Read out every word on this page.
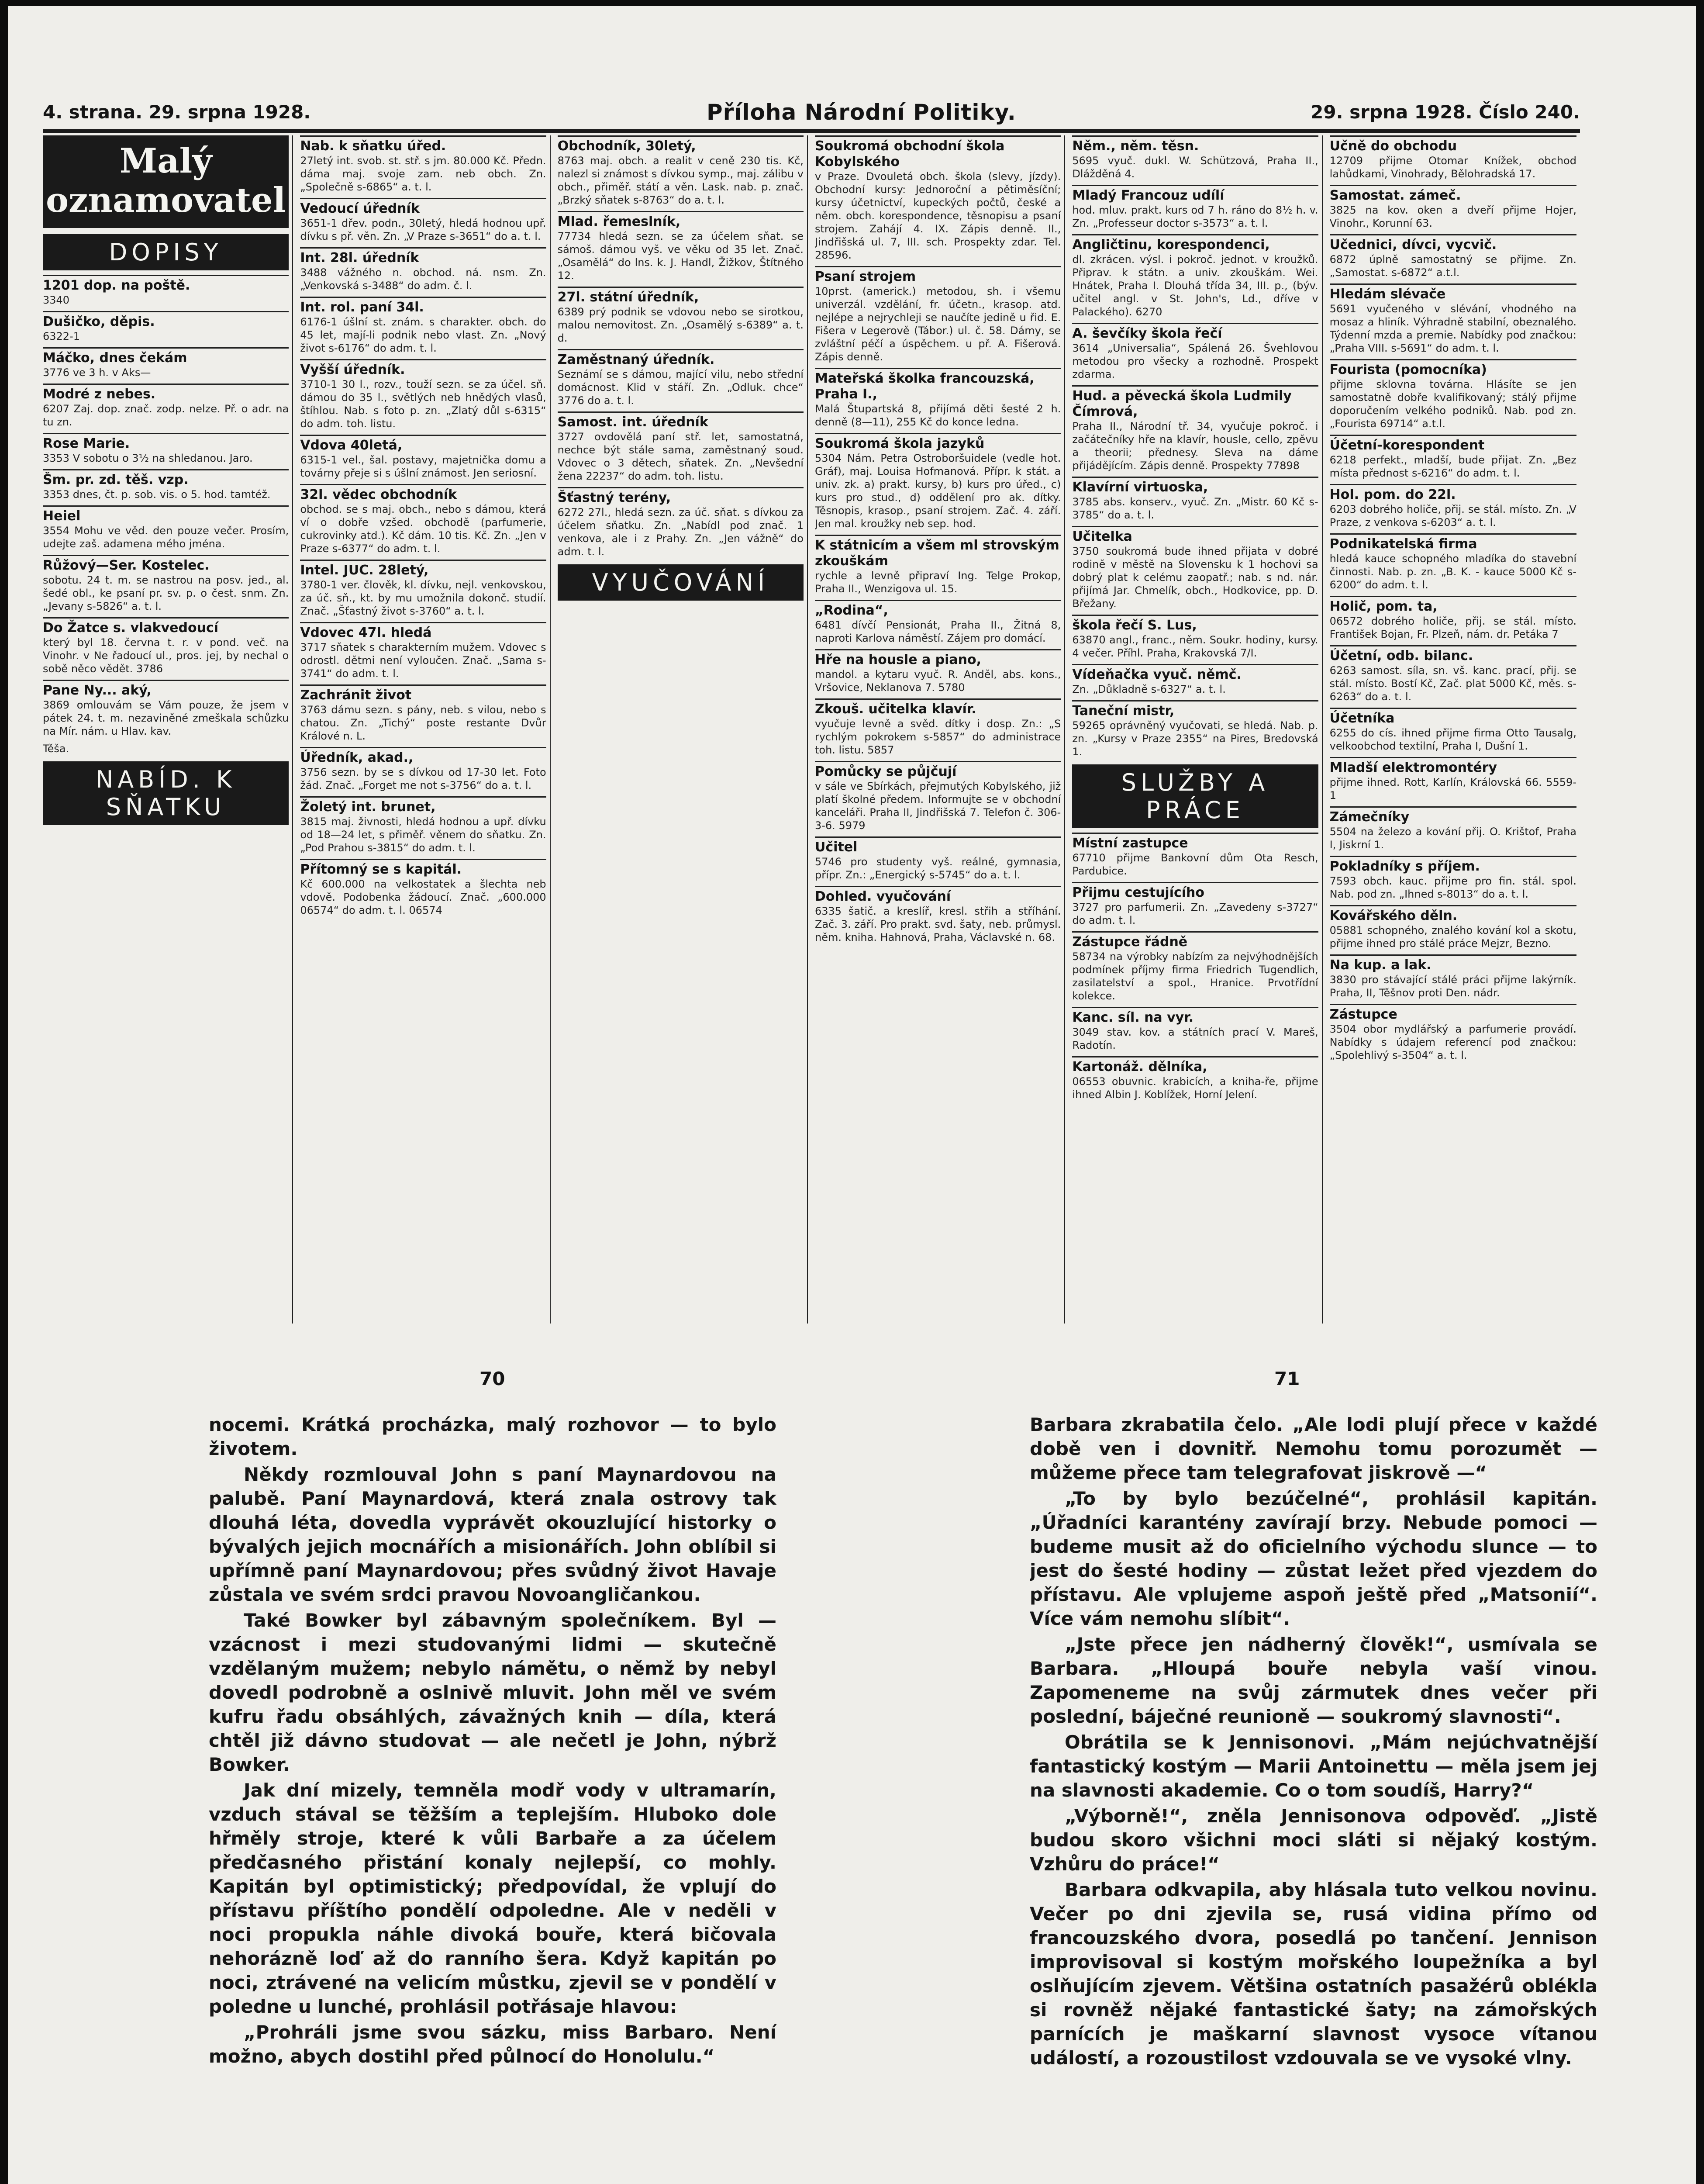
4. strana. 29. srpna 1928.	Příloha Národní Politiky.	29. srpna 1928. Číslo 240.
Malý oznamovatel
DOPISY
1201 dop. na poště.
3340
Dušičko, děpis.
6322-1
Máčko, dnes čekám
3776 ve 3 h. v Aks—
Modré z nebes.
6207 Zaj. dop. znač. zodp. nelze. Př. o adr. na tu zn.
Rose Marie.
3353 V sobotu o 3½ na shledanou. Jaro.
Šm. pr. zd. těš. vzp.
3353 dnes, čt. p. sob. vis. o 5. hod. tamtéž.
Heiel
3554 Mohu ve věd. den pouze večer. Prosím, udejte zaš. adamena mého jména.
Růžový—Ser. Kostelec.
sobotu. 24 t. m. se nastrou na posv. jed., al. šedé obl., ke psaní pr. sv. p. o čest. snm. Zn. „Jevany s-5826“ a. t. l.
Do Žatce s. vlakvedoucí
který byl 18. června t. r. v pond. več. na Vinohr. v Ne řadoucí ul., pros. jej, by nechal o sobě něco vědět. 3786
Pane Ny... aký,
3869 omlouvám se Vám pouze, že jsem v pátek 24. t. m. nezaviněné zmeškala schůzku na Mír. nám. u Hlav. kav.
Těša.
NABÍD. K SŇATKU
Nab. k sňatku úřed.
27letý int. svob. st. stř. s jm. 80.000 Kč. Předn. dáma maj. svoje zam. neb obch. Zn. „Společně s-6865“ a. t. l.
Vedoucí úředník
3651-1 dřev. podn., 30letý, hledá hodnou upř. dívku s př. věn. Zn. „V Praze s-3651“ do a. t. l.
Int. 28l. úředník
3488 vážného n. obchod. ná. nsm. Zn. „Venkovská s-3488“ do adm. č. l.
Int. rol. paní 34l.
6176-1 úšlní st. znám. s charakter. obch. do 45 let, mají-li podnik nebo vlast. Zn. „Nový život s-6176“ do adm. t. l.
Vyšší úředník.
3710-1 30 l., rozv., touží sezn. se za účel. sň. dámou do 35 l., světlých neb hnědých vlasů, štíhlou. Nab. s foto p. zn. „Zlatý důl s-6315“ do adm. toh. listu.
Vdova 40letá,
6315-1 vel., šal. postavy, majetnička domu a továrny přeje si s úšlní známost. Jen seriosní.
32l. vědec obchodník
obchod. se s maj. obch., nebo s dámou, která ví o dobře vzšed. obchodě (parfumerie, cukrovinky atd.). Kč dám. 10 tis. Kč. Zn. „Jen v Praze s-6377“ do adm. t. l.
Intel. JUC. 28letý,
3780-1 ver. člověk, kl. dívku, nejl. venkovskou, za úč. sň., kt. by mu umožnila dokonč. studií. Znač. „Šťastný život s-3760“ a. t. l.
Vdovec 47l. hledá
3717 sňatek s charakterním mužem. Vdovec s odrostl. dětmi není vyloučen. Znač. „Sama s-3741“ do adm. t. l.
Zachránit život
3763 dámu sezn. s pány, neb. s vilou, nebo s chatou. Zn. „Tichý“ poste restante Dvůr Králové n. L.
Úředník, akad.,
3756 sezn. by se s dívkou od 17-30 let. Foto žád. Znač. „Forget me not s-3756“ do a. t. l.
Žoletý int. brunet,
3815 maj. živnosti, hledá hodnou a upř. dívku od 18—24 let, s přiměř. věnem do sňatku. Zn. „Pod Prahou s-3815“ do adm. t. l.
Přítomný se s kapitál.
Kč 600.000 na velkostatek a šlechta neb vdově. Podobenka žádoucí. Znač. „600.000 06574“ do adm. t. l. 06574
Obchodník, 30letý,
8763 maj. obch. a realit v ceně 230 tis. Kč, nalezl si známost s dívkou symp., maj. zálibu v obch., přiměř. státí a věn. Lask. nab. p. znač. „Brzký sňatek s-8763“ do a. t. l.
Mlad. řemeslník,
77734 hledá sezn. se za účelem sňat. se sámoš. dámou vyš. ve věku od 35 let. Znač. „Osamělá“ do lns. k. J. Handl, Žižkov, Štítného 12.
27l. státní úředník,
6389 prý podnik se vdovou nebo se sirotkou, malou nemovitost. Zn. „Osamělý s-6389“ a. t. d.
Zaměstnaný úředník.
Seznámí se s dámou, mající vilu, nebo střední domácnost. Klid v stáří. Zn. „Odluk. chce“ 3776 do a. t. l.
Samost. int. úředník
3727 ovdovělá paní stř. let, samostatná, nechce být stále sama, zaměstnaný soud. Vdovec o 3 dětech, sňatek. Zn. „Nevšední žena 22237“ do adm. toh. listu.
Šťastný terény,
6272 27l., hledá sezn. za úč. sňat. s dívkou za účelem sňatku. Zn. „Nabídl pod znač. 1 venkova, ale i z Prahy. Zn. „Jen vážně“ do adm. t. l.
VYUČOVÁNÍ
Soukromá obchodní škola Kobylského
v Praze. Dvouletá obch. škola (slevy, jízdy). Obchodní kursy: Jednoroční a pětiměsíční; kursy účetnictví, kupeckých počtů, české a něm. obch. korespondence, těsnopisu a psaní strojem. Zahájí 4. IX. Zápis denně. II., Jindřišská ul. 7, III. sch. Prospekty zdar. Tel. 28596.
Psaní strojem
10prst. (americk.) metodou, sh. i všemu univerzál. vzdělání, fr. účetn., krasop. atd. nejlépe a nejrychleji se naučíte jedině u řid. E. Fišera v Legerově (Tábor.) ul. č. 58. Dámy, se zvláštní péčí a úspěchem. u př. A. Fišerová. Zápis denně.
Mateřská školka francouzská, Praha I.,
Malá Štupartská 8, přijímá děti šesté 2 h. denně (8—11), 255 Kč do konce ledna.
Soukromá škola jazyků
5304 Nám. Petra Ostroboršuidele (vedle hot. Gráf), maj. Louisa Hofmanová. Přípr. k stát. a univ. zk. a) prakt. kursy, b) kurs pro úřed., c) kurs pro stud., d) oddělení pro ak. dítky. Těsnopis, krasop., psaní strojem. Zač. 4. září. Jen mal. kroužky neb sep. hod.
K státnicím a všem ml strovským zkouškám
rychle a levně připraví Ing. Telge Prokop, Praha II., Wenzigova ul. 15.
„Rodina“,
6481 dívčí Pensionát, Praha II., Žitná 8, naproti Karlova náměstí. Zájem pro domácí.
Hře na housle a piano,
mandol. a kytaru vyuč. R. Anděl, abs. kons., Vršovice, Neklanova 7. 5780
Zkouš. učitelka klavír.
vyučuje levně a svěd. dítky i dosp. Zn.: „S rychlým pokrokem s-5857“ do administrace toh. listu. 5857
Pomůcky se půjčují
v sále ve Sbírkách, přejmutých Kobylského, již platí školné předem. Informujte se v obchodní kanceláři. Praha II, Jindřišská 7. Telefon č. 306-3-6. 5979
Učitel
5746 pro studenty vyš. reálné, gymnasia, přípr. Zn.: „Energický s-5745“ do a. t. l.
Dohled. vyučování
6335 šatič. a kreslíř, kresl. střih a stříhání. Zač. 3. září. Pro prakt. svd. šaty, neb. průmysl. něm. kniha. Hahnová, Praha, Václavské n. 68.
Něm., něm. těsn.
5695 vyuč. dukl. W. Schützová, Praha II., Dlážděná 4.
Mladý Francouz udílí
hod. mluv. prakt. kurs od 7 h. ráno do 8½ h. v. Zn. „Professeur doctor s-3573“ a. t. l.
Angličtinu, korespondenci,
dl. zkrácen. výsl. i pokroč. jednot. v kroužků. Připrav. k státn. a univ. zkouškám. Wei. Hnátek, Praha I. Dlouhá třída 34, III. p., (býv. učitel angl. v St. John's, Ld., dříve v Palackého). 6270
A. ševčíky škola řečí
3614 „Universalia“, Spálená 26. Švehlovou metodou pro všecky a rozhodně. Prospekt zdarma.
Hud. a pěvecká škola Ludmily Čímrová,
Praha II., Národní tř. 34, vyučuje pokroč. i začátečníky hře na klavír, housle, cello, zpěvu a theorii; přednesy. Sleva na dáme přijádějícím. Zápis denně. Prospekty 77898
Klavírní virtuoska,
3785 abs. konserv., vyuč. Zn. „Mistr. 60 Kč s-3785“ do a. t. l.
Učitelka
3750 soukromá bude ihned přijata v dobré rodině v městě na Slovensku k 1 hochovi sa dobrý plat k celému zaopatř.; nab. s nd. nár. přijímá Jar. Chmelík, obch., Hodkovice, pp. D. Břežany.
škola řečí S. Lus,
63870 angl., franc., něm. Soukr. hodiny, kursy. 4 večer. Příhl. Praha, Krakovská 7/I.
Vídeňačka vyuč. němč.
Zn. „Důkladně s-6327“ a. t. l.
Taneční mistr,
59265 oprávněný vyučovati, se hledá. Nab. p. zn. „Kursy v Praze 2355“ na Pires, Bredovská 1.
SLUŽBY A PRÁCE
Místní zastupce
67710 přijme Bankovní dům Ota Resch, Pardubice.
Přijmu cestujícího
3727 pro parfumerii. Zn. „Zavedeny s-3727“ do adm. t. l.
Zástupce řádně
58734 na výrobky nabízím za nejvýhodnějších podmínek příjmy firma Friedrich Tugendlich, zasilatelství a spol., Hranice. Prvotřídní kolekce.
Kanc. síl. na vyr.
3049 stav. kov. a státních prací V. Mareš, Radotín.
Kartonáž. dělníka,
06553 obuvnic. krabicích, a kniha-ře, přijme ihned Albin J. Koblížek, Horní Jelení.
Učně do obchodu
12709 přijme Otomar Knížek, obchod lahůdkami, Vinohrady, Bělohradská 17.
Samostat. zámeč.
3825 na kov. oken a dveří přijme Hojer, Vinohr., Korunní 63.
Učednici, dívci, vycvič.
6872 úplně samostatný se přijme. Zn. „Samostat. s-6872“ a.t.l.
Hledám slévače
5691 vyučeného v slévání, vhodného na mosaz a hliník. Výhradně stabilní, obeznalého. Týdenní mzda a premie. Nabídky pod značkou: „Praha VIII. s-5691“ do adm. t. l.
Fourista (pomocníka)
přijme sklovna továrna. Hlásíte se jen samostatně dobře kvalifikovaný; stálý přijme doporučením velkého podniků. Nab. pod zn. „Fourista 69714“ a.t.l.
Účetní-korespondent
6218 perfekt., mladší, bude přijat. Zn. „Bez místa přednost s-6216“ do adm. t. l.
Hol. pom. do 22l.
6203 dobrého holiče, přij. se stál. místo. Zn. „V Praze, z venkova s-6203“ a. t. l.
Podnikatelská firma
hledá kauce schopného mladíka do stavební činnosti. Nab. p. zn. „B. K. - kauce 5000 Kč s-6200“ do adm. t. l.
Holič, pom. ta,
06572 dobrého holiče, přij. se stál. místo. František Bojan, Fr. Plzeň, nám. dr. Petáka 7
Účetní, odb. bilanc.
6263 samost. síla, sn. vš. kanc. prací, přij. se stál. místo. Bostí Kč, Zač. plat 5000 Kč, měs. s-6263“ do a. t. l.
Účetníka
6255 do cís. ihned přijme firma Otto Tausalg, velkoobchod textilní, Praha I, Dušní 1.
Mladší elektromontéry
přijme ihned. Rott, Karlín, Královská 66. 5559-1
Zámečníky
5504 na železo a kování přij. O. Krištof, Praha I, Jiskrní 1.
Pokladníky s příjem.
7593 obch. kauc. přijme pro fin. stál. spol. Nab. pod zn. „Ihned s-8013“ do a. t. l.
Kovářského děln.
05881 schopného, znalého kování kol a skotu, přijme ihned pro stálé práce Mejzr, Bezno.
Na kup. a lak.
3830 pro stávající stálé práci přijme lakýrník. Praha, II, Těšnov proti Den. nádr.
Zástupce
3504 obor mydlářský a parfumerie provádí. Nabídky s údajem referencí pod značkou: „Spolehlivý s-3504“ a. t. l.
70	71

nocemi. Krátká procházka, malý rozhovor — to bylo životem.

Někdy rozmlouval John s paní Maynardovou na palubě. Paní Maynardová, která znala ostrovy tak dlouhá léta, dovedla vyprávět okouzlující historky o bývalých jejich mocnářích a misionářích. John oblíbil si upřímně paní Maynardovou; přes svůdný život Havaje zůstala ve svém srdci pravou Novoangličankou.

Také Bowker byl zábavným společníkem. Byl — vzácnost i mezi studovanými lidmi — skutečně vzdělaným mužem; nebylo námětu, o němž by nebyl dovedl podrobně a oslnivě mluvit. John měl ve svém kufru řadu obsáhlých, závažných knih — díla, která chtěl již dávno studovat — ale nečetl je John, nýbrž Bowker.

Jak dní mizely, temněla modř vody v ultramarín, vzduch stával se těžším a teplejším. Hluboko dole hřměly stroje, které k vůli Barbaře a za účelem předčasného přistání konaly nejlepší, co mohly. Kapitán byl optimistický; předpovídal, že vplují do přístavu příštího pondělí odpoledne. Ale v neděli v noci propukla náhle divoká bouře, která bičovala nehorázně loď až do ranního šera. Když kapitán po noci, ztrávené na velicím můstku, zjevil se v pondělí v poledne u lunché, prohlásil potřásaje hlavou:

„Prohráli jsme svou sázku, miss Barbaro. Není možno, abych dostihl před půlnocí do Honolulu.“

Barbara zkrabatila čelo. „Ale lodi plují přece v každé době ven i dovnitř. Nemohu tomu porozumět — můžeme přece tam telegrafovat jiskrově —“

„To by bylo bezúčelné“, prohlásil kapitán. „Úřadníci karantény zavírají brzy. Nebude pomoci — budeme musit až do oficielního východu slunce — to jest do šesté hodiny — zůstat ležet před vjezdem do přístavu. Ale vplujeme aspoň ještě před „Matsonií“. Více vám nemohu slíbit“.

„Jste přece jen nádherný člověk!“, usmívala se Barbara. „Hloupá bouře nebyla vaší vinou. Zapomeneme na svůj zármutek dnes večer při poslední, báječné reunioně — soukromý slavnosti“.

Obrátila se k Jennisonovi. „Mám nejúchvatnější fantastický kostým — Marii Antoinettu — měla jsem jej na slavnosti akademie. Co o tom soudíš, Harry?“

„Výborně!“, zněla Jennisonova odpověď. „Jistě budou skoro všichni moci sláti si nějaký kostým. Vzhůru do práce!“

Barbara odkvapila, aby hlásala tuto velkou novinu. Večer po dni zjevila se, rusá vidina přímo od francouzského dvora, posedlá po tančení. Jennison improvisoval si kostým mořského loupežníka a byl oslňujícím zjevem. Většina ostatních pasažérů oblékla si rovněž nějaké fantastické šaty; na zámořských parnících je maškarní slavnost vysoce vítanou událostí, a rozoustilost vzdouvala se ve vysoké vlny.
